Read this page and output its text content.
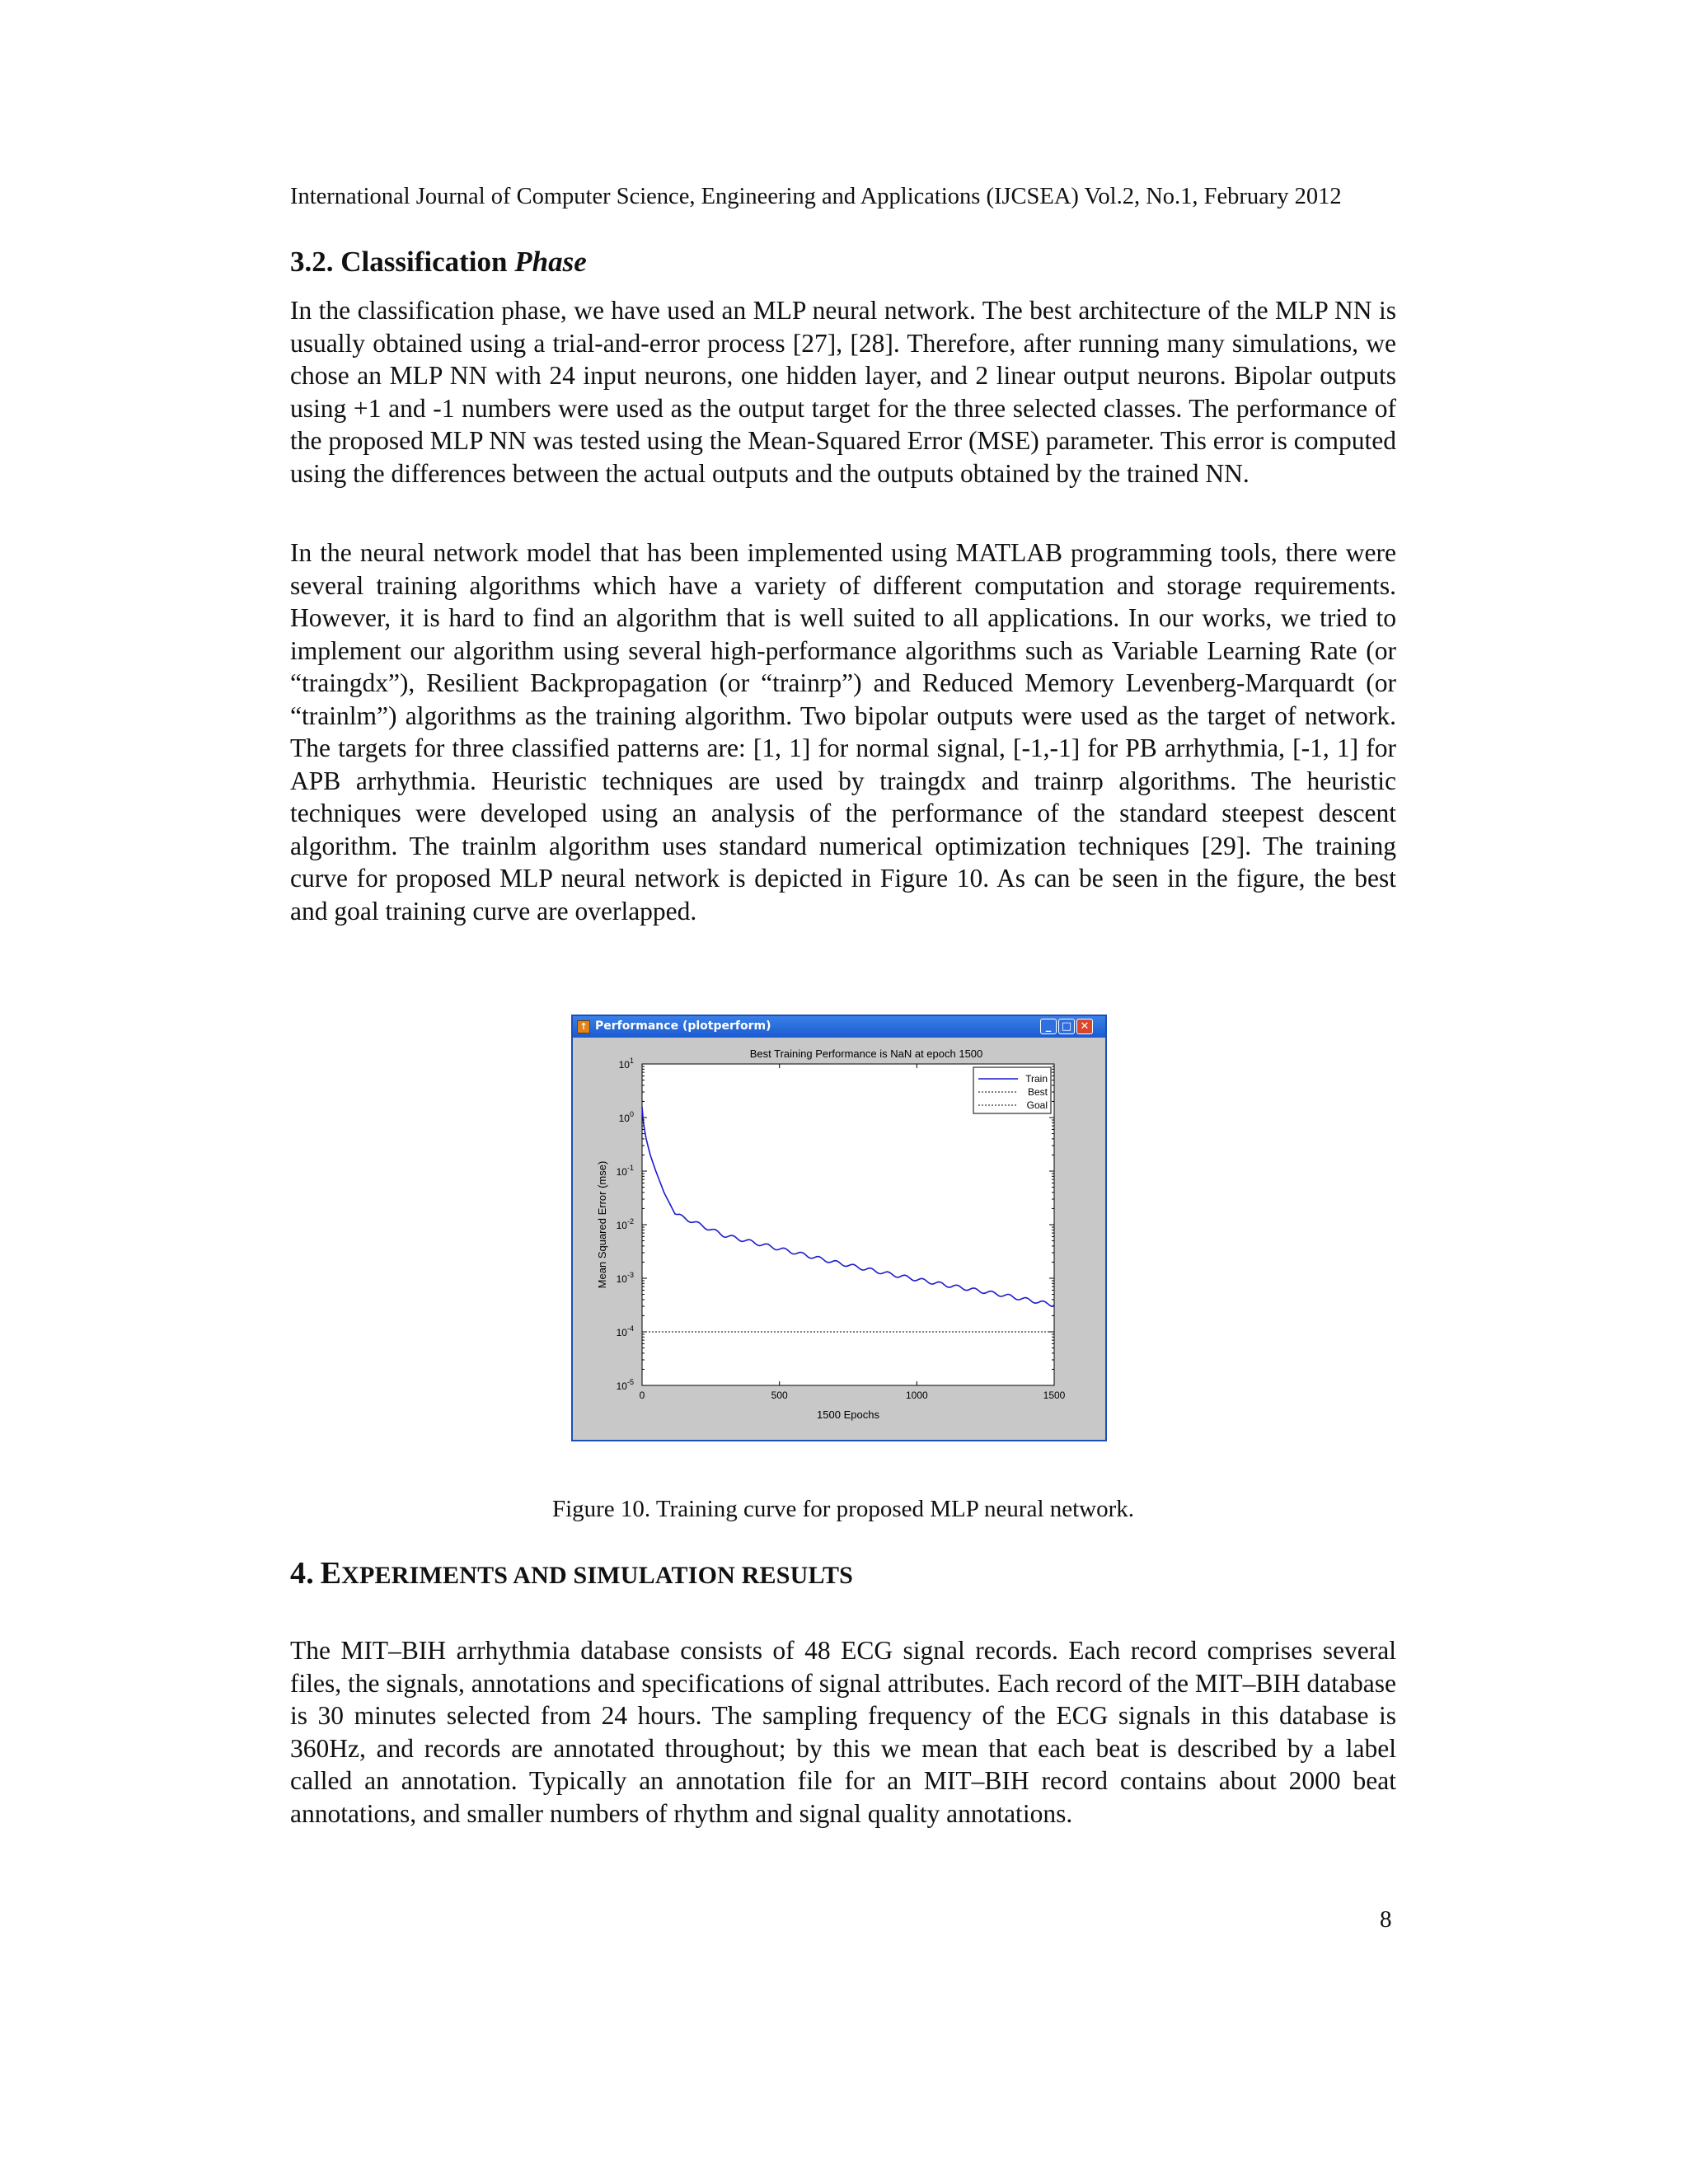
International Journal of Computer Science, Engineering and Applications (IJCSEA) Vol.2, No.1, February 2012
3.2. Classification Phase

In the classification phase, we have used an MLP neural network. The best architecture of the MLP NN is usually obtained using a trial-and-error process [27], [28]. Therefore, after running many simulations, we chose an MLP NN with 24 input neurons, one hidden layer, and 2 linear output neurons. Bipolar outputs using +1 and -1 numbers were used as the output target for the three selected classes. The performance of the proposed MLP NN was tested using the Mean-Squared Error (MSE) parameter. This error is computed using the differences between the actual outputs and the outputs obtained by the trained NN.

In the neural network model that has been implemented using MATLAB programming tools, there were several training algorithms which have a variety of different computation and storage requirements. However, it is hard to find an algorithm that is well suited to all applications. In our works, we tried to implement our algorithm using several high-performance algorithms such as Variable Learning Rate (or “traingdx”), Resilient Backpropagation (or “trainrp”) and Reduced Memory Levenberg-Marquardt (or “trainlm”) algorithms as the training algorithm. Two bipolar outputs were used as the target of network. The targets for three classified patterns are: [1, 1] for normal signal, [-1,-1] for PB arrhythmia, [-1, 1] for APB arrhythmia. Heuristic techniques are used by traingdx and trainrp algorithms. The heuristic techniques were developed using an analysis of the performance of the standard steepest descent algorithm. The trainlm algorithm uses standard numerical optimization techniques [29]. The training curve for proposed MLP neural network is depicted in Figure 10. As can be seen in the figure, the best and goal training curve are overlapped.

↑ Performance (plotperform)	_ □ ✕
Best Training Performance is NaN at epoch 1500
0	500	1000	1500
$10^1$
$10^0$
$10^{-1}$
$10^{-2}$
$10^{-3}$
$10^{-4}$
$10^{-5}$
1500 Epochs
Mean Squared Error (mse)
Train
Best
Goal
Figure 10. Training curve for proposed MLP neural network.
4. EXPERIMENTS AND SIMULATION RESULTS

The MIT–BIH arrhythmia database consists of 48 ECG signal records. Each record comprises several files, the signals, annotations and specifications of signal attributes. Each record of the MIT–BIH database is 30 minutes selected from 24 hours. The sampling frequency of the ECG signals in this database is 360Hz, and records are annotated throughout; by this we mean that each beat is described by a label called an annotation. Typically an annotation file for an MIT–BIH record contains about 2000 beat annotations, and smaller numbers of rhythm and signal quality annotations.

8
